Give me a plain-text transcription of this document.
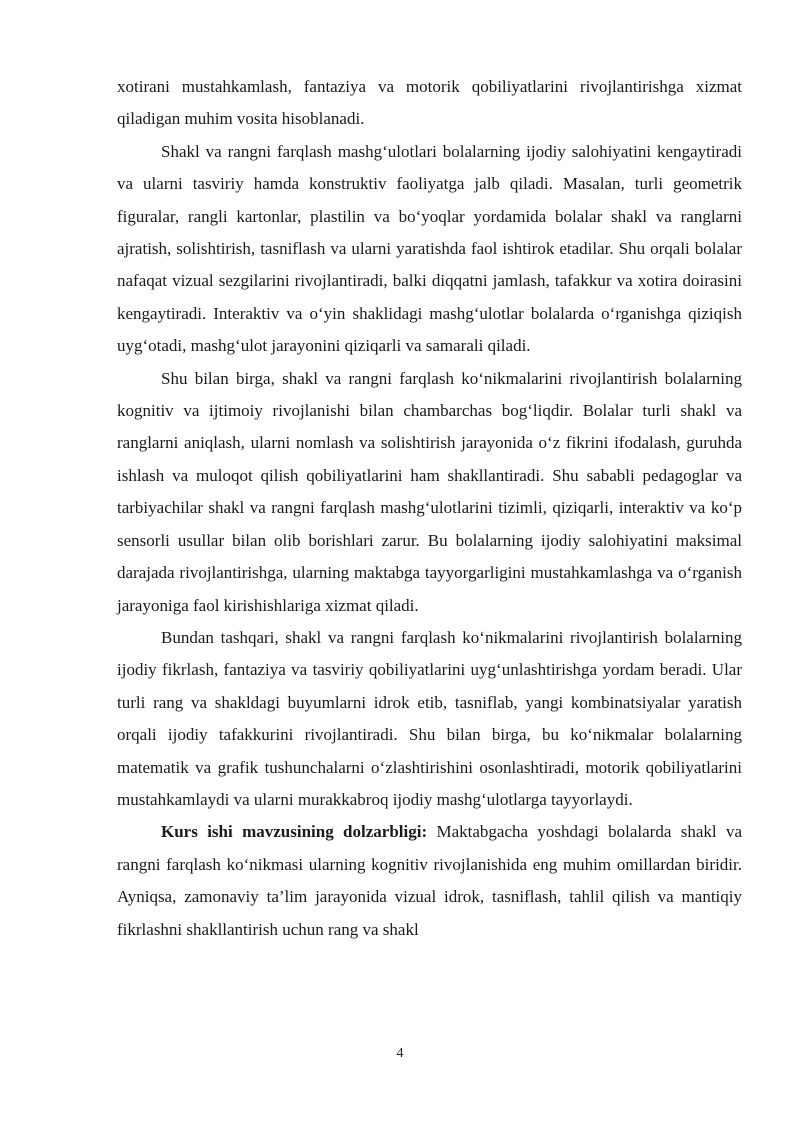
xotirani mustahkamlash, fantaziya va motorik qobiliyatlarini rivojlantirishga xizmat qiladigan muhim vosita hisoblanadi.

Shakl va rangni farqlash mashg‘ulotlari bolalarning ijodiy salohiyatini kengaytiradi va ularni tasviriy hamda konstruktiv faoliyatga jalb qiladi. Masalan, turli geometrik figuralar, rangli kartonlar, plastilin va bo‘yoqlar yordamida bolalar shakl va ranglarni ajratish, solishtirish, tasniflash va ularni yaratishda faol ishtirok etadilar. Shu orqali bolalar nafaqat vizual sezgilarini rivojlantiradi, balki diqqatni jamlash, tafakkur va xotira doirasini kengaytiradi. Interaktiv va o‘yin shaklidagi mashg‘ulotlar bolalarda o‘rganishga qiziqish uyg‘otadi, mashg‘ulot jarayonini qiziqarli va samarali qiladi.

Shu bilan birga, shakl va rangni farqlash ko‘nikmalarini rivojlantirish bolalarning kognitiv va ijtimoiy rivojlanishi bilan chambarchas bog‘liqdir. Bolalar turli shakl va ranglarni aniqlash, ularni nomlash va solishtirish jarayonida o‘z fikrini ifodalash, guruhda ishlash va muloqot qilish qobiliyatlarini ham shakllantiradi. Shu sababli pedagoglar va tarbiyachilar shakl va rangni farqlash mashg‘ulotlarini tizimli, qiziqarli, interaktiv va ko‘p sensorli usullar bilan olib borishlari zarur. Bu bolalarning ijodiy salohiyatini maksimal darajada rivojlantirishga, ularning maktabga tayyorgarligini mustahkamlashga va o‘rganish jarayoniga faol kirishishlariga xizmat qiladi.

Bundan tashqari, shakl va rangni farqlash ko‘nikmalarini rivojlantirish bolalarning ijodiy fikrlash, fantaziya va tasviriy qobiliyatlarini uyg‘unlashtirishga yordam beradi. Ular turli rang va shakldagi buyumlarni idrok etib, tasniflab, yangi kombinatsiyalar yaratish orqali ijodiy tafakkurini rivojlantiradi. Shu bilan birga, bu ko‘nikmalar bolalarning matematik va grafik tushunchalarni o‘zlashtirishini osonlashtiradi, motorik qobiliyatlarini mustahkamlaydi va ularni murakkabroq ijodiy mashg‘ulotlarga tayyorlaydi.

Kurs ishi mavzusining dolzarbligi: Maktabgacha yoshdagi bolalarda shakl va rangni farqlash ko‘nikmasi ularning kognitiv rivojlanishida eng muhim omillardan biridir. Ayniqsa, zamonaviy ta’lim jarayonida vizual idrok, tasniflash, tahlil qilish va mantiqiy fikrlashni shakllantirish uchun rang va shakl

4
